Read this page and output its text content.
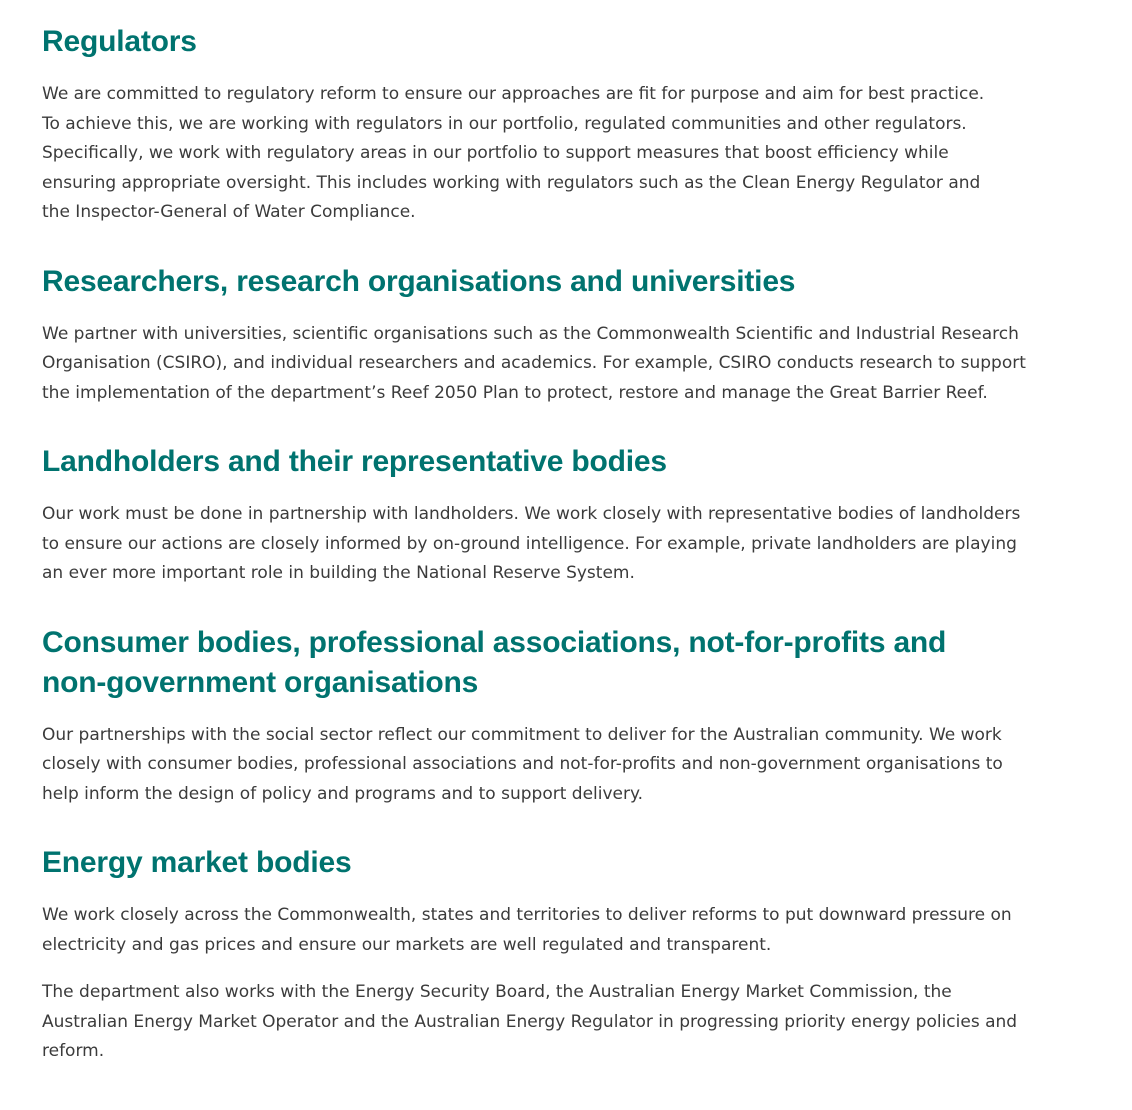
Regulators

We are committed to regulatory reform to ensure our approaches are fit for purpose and aim for best practice.
To achieve this, we are working with regulators in our portfolio, regulated communities and other regulators.
Specifically, we work with regulatory areas in our portfolio to support measures that boost efficiency while
ensuring appropriate oversight. This includes working with regulators such as the Clean Energy Regulator and
the Inspector-General of Water Compliance.

Researchers, research organisations and universities

We partner with universities, scientific organisations such as the Commonwealth Scientific and Industrial Research
Organisation (CSIRO), and individual researchers and academics. For example, CSIRO conducts research to support
the implementation of the department’s Reef 2050 Plan to protect, restore and manage the Great Barrier Reef.

Landholders and their representative bodies

Our work must be done in partnership with landholders. We work closely with representative bodies of landholders
to ensure our actions are closely informed by on-ground intelligence. For example, private landholders are playing
an ever more important role in building the National Reserve System.

Consumer bodies, professional associations, not-for-profits and
non-government organisations

Our partnerships with the social sector reflect our commitment to deliver for the Australian community. We work
closely with consumer bodies, professional associations and not-for-profits and non-government organisations to
help inform the design of policy and programs and to support delivery.

Energy market bodies

We work closely across the Commonwealth, states and territories to deliver reforms to put downward pressure on
electricity and gas prices and ensure our markets are well regulated and transparent.

The department also works with the Energy Security Board, the Australian Energy Market Commission, the
Australian Energy Market Operator and the Australian Energy Regulator in progressing priority energy policies and
reform.
